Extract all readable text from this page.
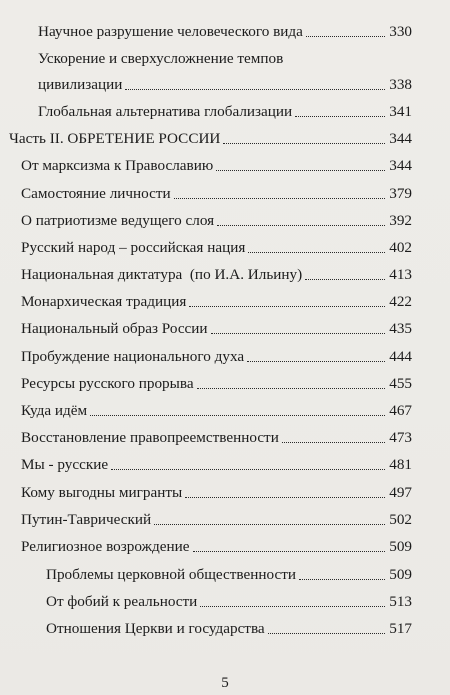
Научное разрушение человеческого вида	330
Ускорение и сверхусложнение темпов
цивилизации	338
Глобальная альтернатива глобализации	341
Часть II. ОБРЕТЕНИЕ РОССИИ	344
От марксизма к Православию	344
Самостояние личности	379
О патриотизме ведущего слоя	392
Русский народ – российская нация	402
Национальная диктатура  (по И.А. Ильину)	413
Монархическая традиция	422
Национальный образ России	435
Пробуждение национального духа	444
Ресурсы русского прорыва	455
Куда идём	467
Восстановление правопреемственности	473
Мы - русские	481
Кому выгодны мигранты	497
Путин-Таврический	502
Религиозное возрождение	509
Проблемы церковной общественности	509
От фобий к реальности	513
Отношения Церкви и государства	517
5
